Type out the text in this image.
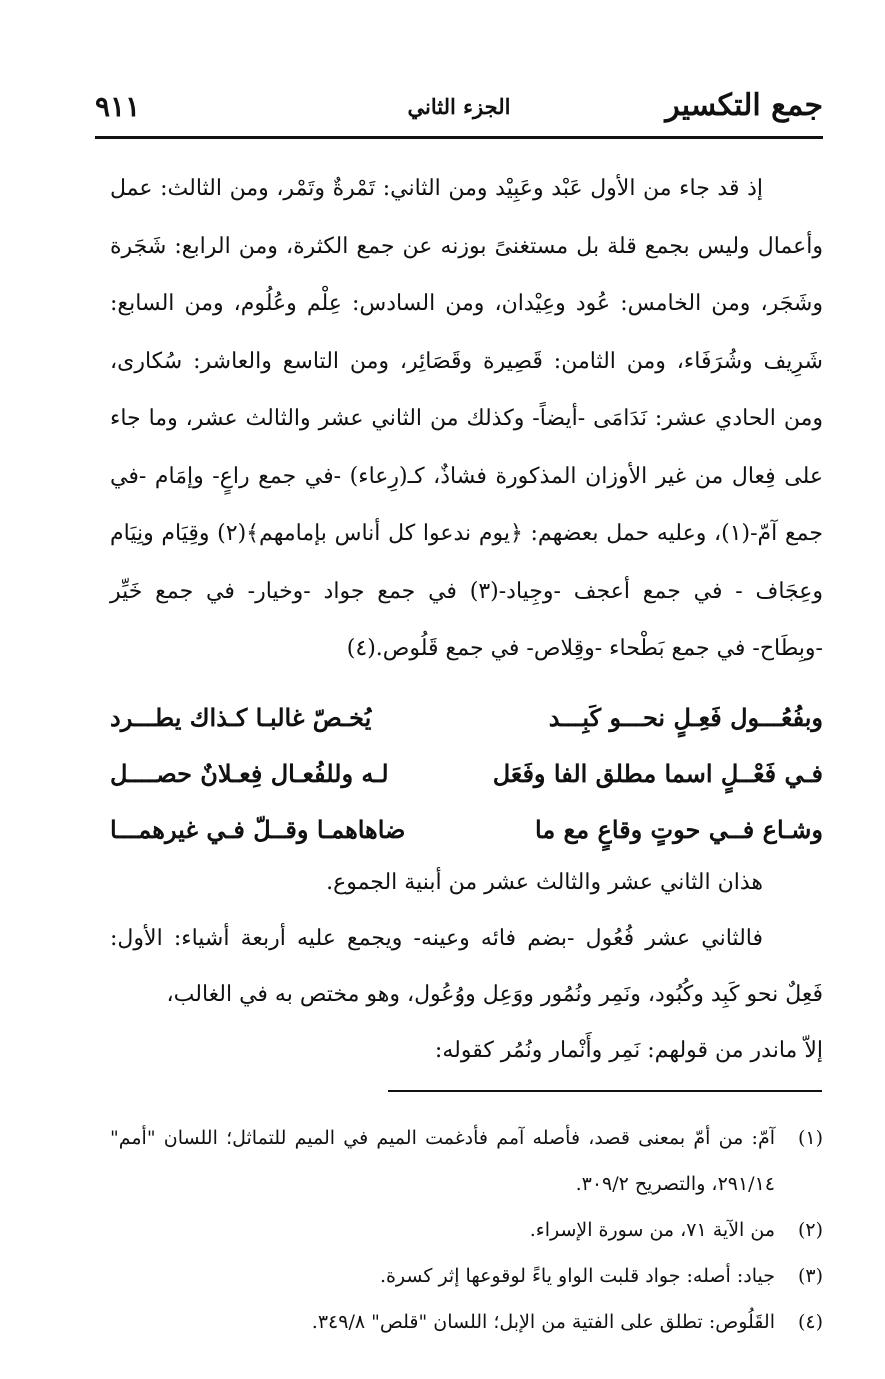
جمع التكسير
الجزء الثاني
٩١١

إذ قد جاء من الأول عَبْد وعَبِيْد ومن الثاني: تَمْرةٌ وتَمْر، ومن الثالث: عمل وأعمال وليس بجمع قلة بل مستغنىً بوزنه عن جمع الكثرة، ومن الرابع: شَجَرة وشَجَر، ومن الخامس: عُود وعِيْدان، ومن السادس: عِلْم وعُلُوم، ومن السابع: شَرِيف وشُرَفَاء، ومن الثامن: قَصِيرة وقَصَائِر، ومن التاسع والعاشر: سُكارى، ومن الحادي عشر: نَدَامَى -أيضاً- وكذلك من الثاني عشر والثالث عشر، وما جاء على فِعال من غير الأوزان المذكورة فشاذٌ، كـ(رِعاء) -في جمع راعٍ- وإمَام -في جمع آمّ-(١)، وعليه حمل بعضهم: ﴿يوم ندعوا كل أناس بإمامهم﴾(٢) وقِيَام ونِيَام وعِجَاف - في جمع أعجف -وجِياد-(٣) في جمع جواد -وخيار- في جمع خَيِّر -وبِطَاح- في جمع بَطْحاء -وقِلاص- في جمع قَلُوص.(٤)

وبفُعُـــول فَعِـلٍ نحـــو كَبِـــد
يُخـصّ غالبـا كـذاك يطـــرد
فـي فَعْــلٍ اسما مطلق الفا وفَعَل
لـه وللفُعـال فِعـلانٌ حصــــل
وشـاع فــي حوتٍ وقاعٍ مع ما
ضاهاهمـا وقــلّ فـي غيرهمـــا

هذان الثاني عشر والثالث عشر من أبنية الجموع.

فالثاني عشر فُعُول -بضم فائه وعينه- ويجمع عليه أربعة أشياء: الأول: فَعِلٌ نحو كَبِد وكُبُود، ونَمِر ونُمُور ووَعِل ووُعُول، وهو مختص به في الغالب،

إلاّ ماندر من قولهم: نَمِر وأَنْمار ونُمُر كقوله:

(١)
آمّ: من أمّ بمعنى قصد، فأصله آمم فأدغمت الميم في الميم للتماثل؛ اللسان "أمم" ٢٩١/١٤، والتصريح ٣٠٩/٢.
(٢)
من الآية ٧١، من سورة الإسراء.
(٣)
جياد: أصله: جواد قلبت الواو ياءً لوقوعها إثر كسرة.
(٤)
القَلُوص: تطلق على الفتية من الإبل؛ اللسان "قلص" ٣٤٩/٨.
